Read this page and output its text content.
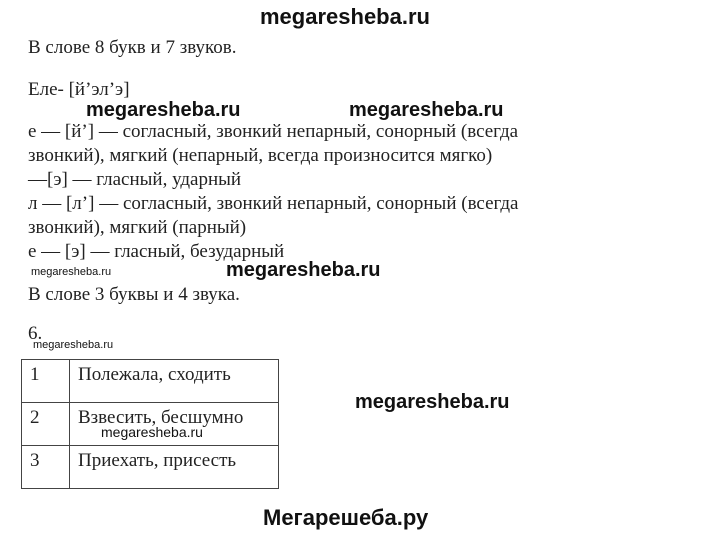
megaresheba.ru
В слове 8 букв и 7 звуков.
Еле- [й’эл’э]
megaresheba.ru	megaresheba.ru
е — [й’] — согласный, звонкий непарный, сонорный (всегда
звонкий), мягкий (непарный, всегда произносится мягко)
—[э] — гласный, ударный
л — [л’] — согласный, звонкий непарный, сонорный (всегда
звонкий), мягкий (парный)
е — [э] — гласный, безударный
megaresheba.ru	megaresheba.ru
В слове 3 буквы и 4 звука.
6.
megaresheba.ru
1	Полежала, сходить
2	Взвесить, бесшумно
3	Приехать, присесть
megaresheba.ru
megaresheba.ru
Мегарешеба.ру
